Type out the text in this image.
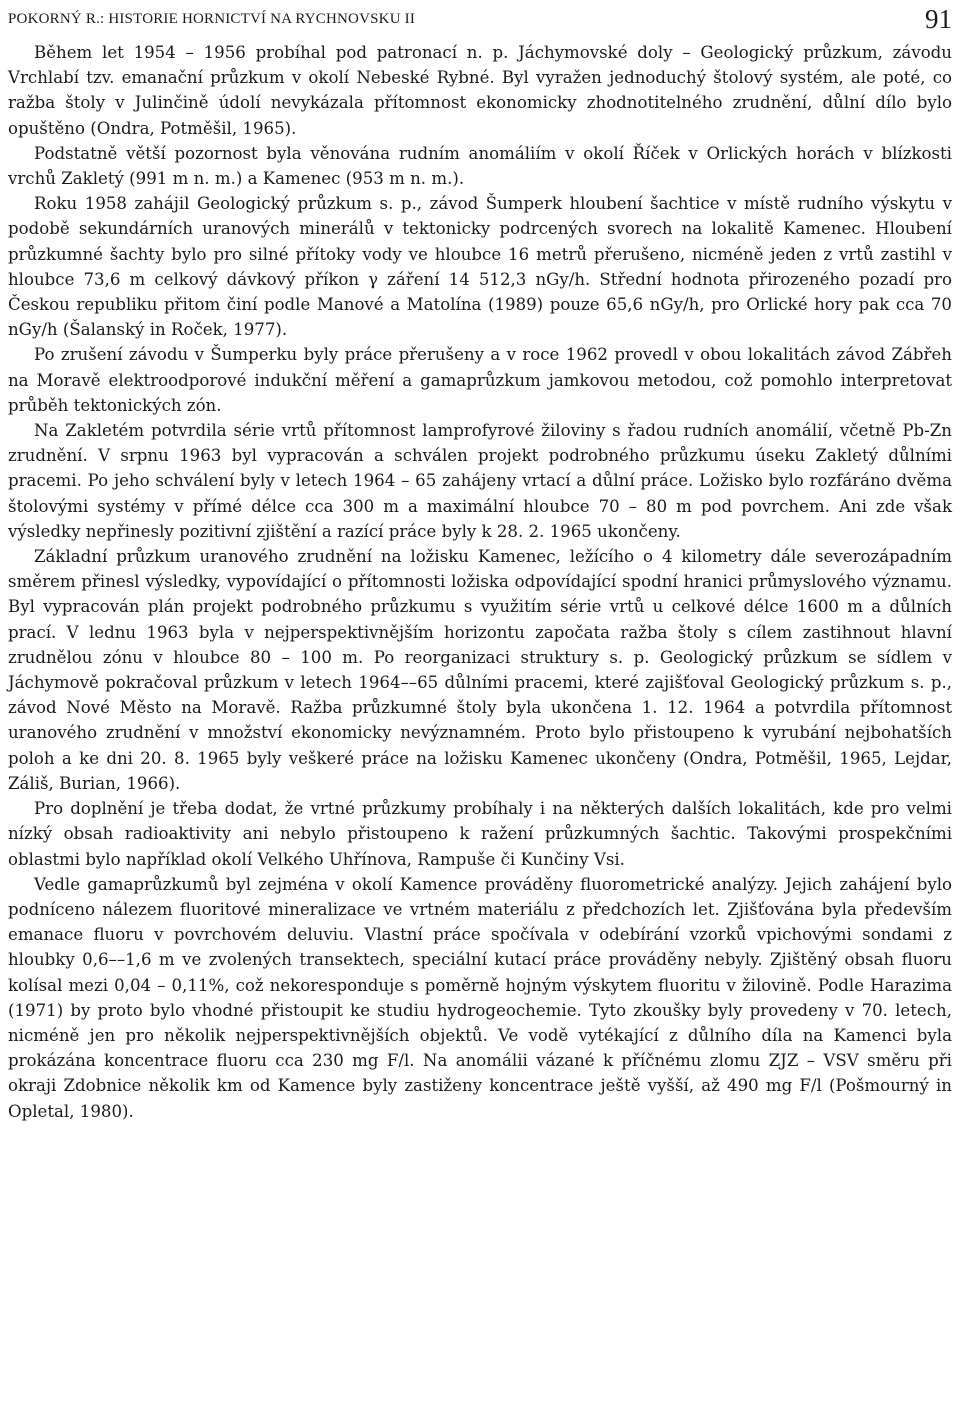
POKORNÝ R.: HISTORIE HORNICTVÍ NA RYCHNOVSKU II	91

Během let 1954 – 1956 probíhal pod patronací n. p. Jáchymovské doly – Geologický průzkum, závodu Vrchlabí tzv. emanační průzkum v okolí Nebeské Rybné. Byl vyražen jednoduchý štolový systém, ale poté, co ražba štoly v Julinčině údolí nevykázala přítomnost ekonomicky zhodnotitelného zrudnění, důlní dílo bylo opuštěno (Ondra, Potměšil, 1965).

Podstatně větší pozornost byla věnována rudním anomáliím v okolí Říček v Orlických horách v blízkosti vrchů Zakletý (991 m n. m.) a Kamenec (953 m n. m.).

Roku 1958 zahájil Geologický průzkum s. p., závod Šumperk hloubení šachtice v místě rudního výskytu v podobě sekundárních uranových minerálů v tektonicky podrcených svorech na lokalitě Kamenec. Hloubení průzkumné šachty bylo pro silné přítoky vody ve hloubce 16 metrů přerušeno, nicméně jeden z vrtů zastihl v hloubce 73,6 m celkový dávkový příkon γ záření 14 512,3 nGy/h. Střední hodnota přirozeného pozadí pro Českou republiku přitom činí podle Manové a Matolína (1989) pouze 65,6 nGy/h, pro Orlické hory pak cca 70 nGy/h (Šalanský in Roček, 1977).

Po zrušení závodu v Šumperku byly práce přerušeny a v roce 1962 provedl v obou lokalitách závod Zábřeh na Moravě elektroodporové indukční měření a gamaprůzkum jamkovou metodou, což pomohlo interpretovat průběh tektonických zón.

Na Zakletém potvrdila série vrtů přítomnost lamprofyrové žiloviny s řadou rudních anomálií, včetně Pb-Zn zrudnění. V srpnu 1963 byl vypracován a schválen projekt podrobného průzkumu úseku Zakletý důlními pracemi. Po jeho schválení byly v letech 1964 – 65 zahájeny vrtací a důlní práce. Ložisko bylo rozfáráno dvěma štolovými systémy v přímé délce cca 300 m a maximální hloubce 70 – 80 m pod povrchem. Ani zde však výsledky nepřinesly pozitivní zjištění a razící práce byly k 28. 2. 1965 ukončeny.

Základní průzkum uranového zrudnění na ložisku Kamenec, ležícího o 4 kilometry dále severozápadním směrem přinesl výsledky, vypovídající o přítomnosti ložiska odpovídající spodní hranici průmyslového významu. Byl vypracován plán projekt podrobného průzkumu s využitím série vrtů u celkové délce 1600 m a důlních prací. V lednu 1963 byla v nejperspektivnějším horizontu započata ražba štoly s cílem zastihnout hlavní zrudnělou zónu v hloubce 80 – 100 m. Po reorganizaci struktury s. p. Geologický průzkum se sídlem v Jáchymově pokračoval průzkum v letech 1964––65 důlními pracemi, které zajišťoval Geologický průzkum s. p., závod Nové Město na Moravě. Ražba průzkumné štoly byla ukončena 1. 12. 1964 a potvrdila přítomnost uranového zrudnění v množství ekonomicky nevýznamném. Proto bylo přistoupeno k vyrubání nejbohatších poloh a ke dni 20. 8. 1965 byly veškeré práce na ložisku Kamenec ukončeny (Ondra, Potměšil, 1965, Lejdar, Záliš, Burian, 1966).

Pro doplnění je třeba dodat, že vrtné průzkumy probíhaly i na některých dalších lokalitách, kde pro velmi nízký obsah radioaktivity ani nebylo přistoupeno k ražení průzkumných šachtic. Takovými prospekčními oblastmi bylo například okolí Velkého Uhřínova, Rampuše či Kunčiny Vsi.

Vedle gamaprůzkumů byl zejména v okolí Kamence prováděny fluorometrické analýzy. Jejich zahájení bylo podníceno nálezem fluoritové mineralizace ve vrtném materiálu z předchozích let. Zjišťována byla především emanace fluoru v povrchovém deluviu. Vlastní práce spočívala v odebírání vzorků vpichovými sondami z hloubky 0,6––1,6 m ve zvolených transektech, speciální kutací práce prováděny nebyly. Zjištěný obsah fluoru kolísal mezi 0,04 – 0,11%, což nekoresponduje s poměrně hojným výskytem fluoritu v žilovině. Podle Harazima (1971) by proto bylo vhodné přistoupit ke studiu hydrogeochemie. Tyto zkoušky byly provedeny v 70. letech, nicméně jen pro několik nejperspektivnějších objektů. Ve vodě vytékající z důlního díla na Kamenci byla prokázána koncentrace fluoru cca 230 mg F/l. Na anomálii vázané k příčnému zlomu ZJZ – VSV směru při okraji Zdobnice několik km od Kamence byly zastiženy koncentrace ještě vyšší, až 490 mg F/l (Pošmourný in Opletal, 1980).
